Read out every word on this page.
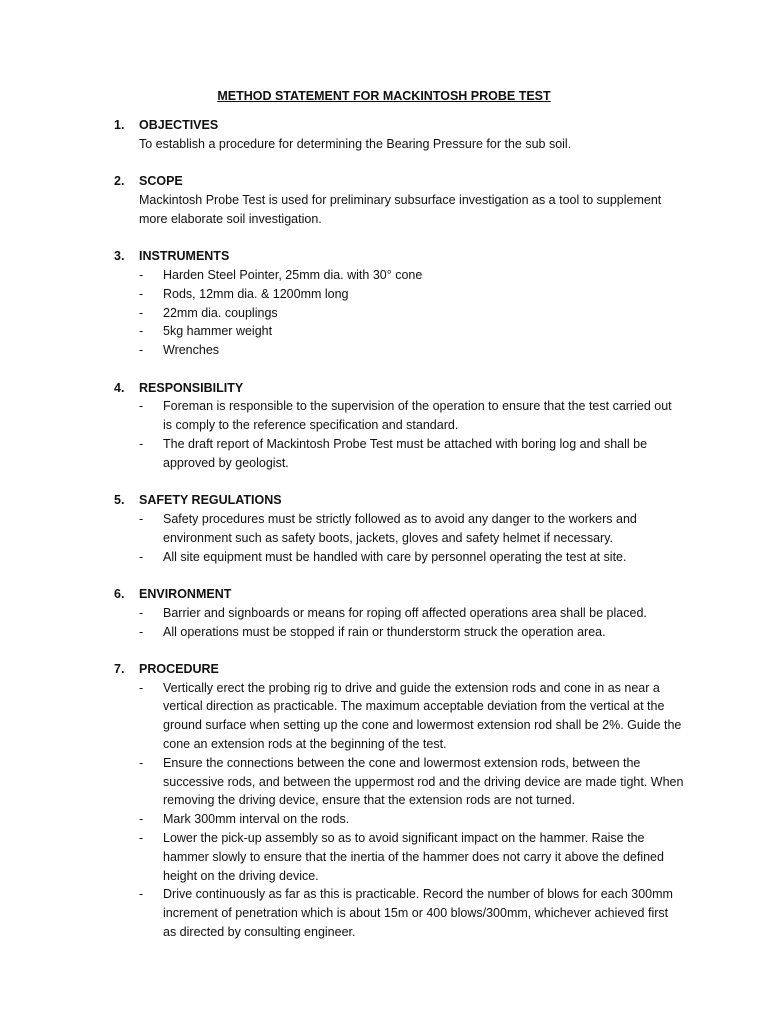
METHOD STATEMENT FOR MACKINTOSH PROBE TEST
1.	OBJECTIVES
To establish a procedure for determining the Bearing Pressure for the sub soil.
2.	SCOPE
Mackintosh Probe Test is used for preliminary subsurface investigation as a tool to supplement more elaborate soil investigation.
3.	INSTRUMENTS
-	Harden Steel Pointer, 25mm dia. with 30° cone
-	Rods, 12mm dia. & 1200mm long
-	22mm dia. couplings
-	5kg hammer weight
-	Wrenches
4.	RESPONSIBILITY
-	Foreman is responsible to the supervision of the operation to ensure that the test carried out is comply to the reference specification and standard.
-	The draft report of Mackintosh Probe Test must be attached with boring log and shall be approved by geologist.
5.	SAFETY REGULATIONS
-	Safety procedures must be strictly followed as to avoid any danger to the workers and environment such as safety boots, jackets, gloves and safety helmet if necessary.
-	All site equipment must be handled with care by personnel operating the test at site.
6.	ENVIRONMENT
-	Barrier and signboards or means for roping off affected operations area shall be placed.
-	All operations must be stopped if rain or thunderstorm struck the operation area.
7.	PROCEDURE
-	Vertically erect the probing rig to drive and guide the extension rods and cone in as near a vertical direction as practicable. The maximum acceptable deviation from the vertical at the ground surface when setting up the cone and lowermost extension rod shall be 2%. Guide the cone an extension rods at the beginning of the test.
-	Ensure the connections between the cone and lowermost extension rods, between the successive rods, and between the uppermost rod and the driving device are made tight. When removing the driving device, ensure that the extension rods are not turned.
-	Mark 300mm interval on the rods.
-	Lower the pick-up assembly so as to avoid significant impact on the hammer. Raise the hammer slowly to ensure that the inertia of the hammer does not carry it above the defined height on the driving device.
-	Drive continuously as far as this is practicable. Record the number of blows for each 300mm increment of penetration which is about 15m or 400 blows/300mm, whichever achieved first as directed by consulting engineer.
